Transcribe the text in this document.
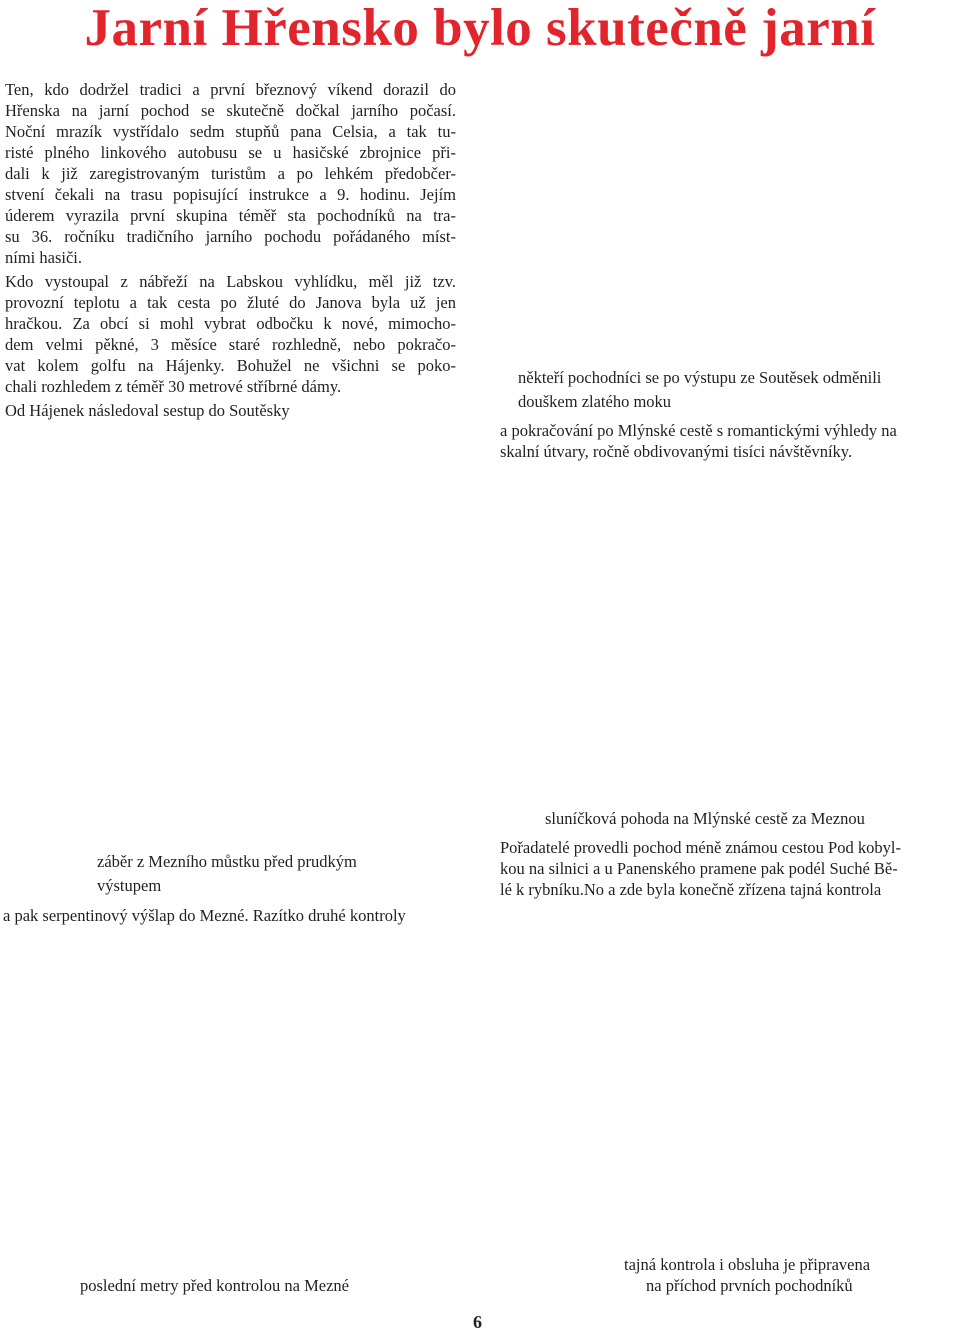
Jarní Hřensko bylo skutečně jarní
Ten, kdo dodržel tradici a první březnový víkend dorazil do
Hřenska na jarní pochod se skutečně dočkal jarního počasí.
Noční mrazík vystřídalo sedm stupňů pana Celsia, a tak tu-
risté plného linkového autobusu se u hasičské zbrojnice při-
dali k již zaregistrovaným turistům a po lehkém předobčer-
stvení čekali na trasu popisující instrukce a 9. hodinu. Jejím
úderem vyrazila první skupina téměř sta pochodníků na tra-
su 36. ročníku tradičního jarního pochodu pořádaného míst-
ními hasiči.
Kdo vystoupal z nábřeží na Labskou vyhlídku, měl již tzv.
provozní teplotu a tak cesta po žluté do Janova byla už jen
hračkou. Za obcí si mohl vybrat odbočku k nové, mimocho-
dem velmi pěkné, 3 měsíce staré rozhledně, nebo pokračo-
vat kolem golfu na Hájenky. Bohužel ne všichni se poko-
chali rozhledem z téměř 30 metrové stříbrné dámy.
Od Hájenek následoval sestup do Soutěsky
někteří pochodníci se po výstupu ze Soutěsek odměnili
douškem zlatého moku
a pokračování po Mlýnské cestě s romantickými výhledy na
skalní útvary, ročně obdivovanými tisíci návštěvníky.
záběr z Mezního můstku před prudkým
výstupem
a pak serpentinový výšlap do Mezné. Razítko druhé kontroly
sluníčková pohoda na Mlýnské cestě za Meznou
Pořadatelé provedli pochod méně známou cestou Pod kobyl-
kou na silnici a u Panenského pramene pak podél Suché Bě-
lé k rybníku.No a zde byla konečně zřízena tajná kontrola
poslední metry před kontrolou na Mezné
tajná kontrola i obsluha je připravena
na příchod prvních pochodníků
6
